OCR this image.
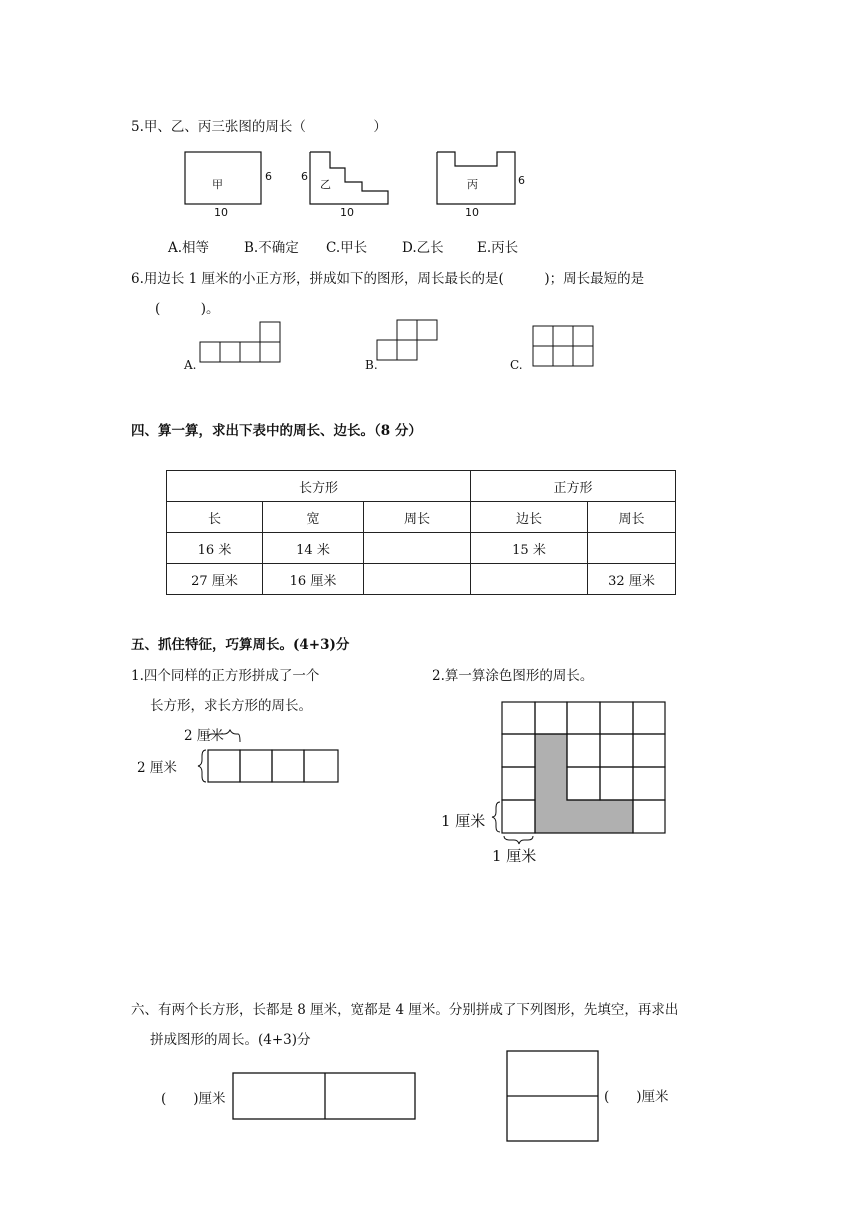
5.甲、乙、丙三张图的周长（　　　　　）
甲	乙	丙
6	6	6
10	10	10
A.相等	B.不确定 C.甲长	D.乙长 E.丙长
6.用边长 1 厘米的小正方形，拼成如下的图形，周长最长的是(　　　)；周长最短的是
(　　　)。
A.	B.	C.
四、算一算，求出下表中的周长、边长。（8 分）
长方形			正方形	
长	宽	周长	边长	周长
16 米	14 米		15 米	
27 厘米	16 厘米			32 厘米
五、抓住特征，巧算周长。(4+3)分
1.四个同样的正方形拼成了一个
长方形，求长方形的周长。
2.算一算涂色图形的周长。
2 厘米
2 厘米
1 厘米
1 厘米
六、有两个长方形，长都是 8 厘米，宽都是 4 厘米。分别拼成了下列图形，先填空，再求出
拼成图形的周长。(4+3)分
(　　)厘米	(　　)厘米
